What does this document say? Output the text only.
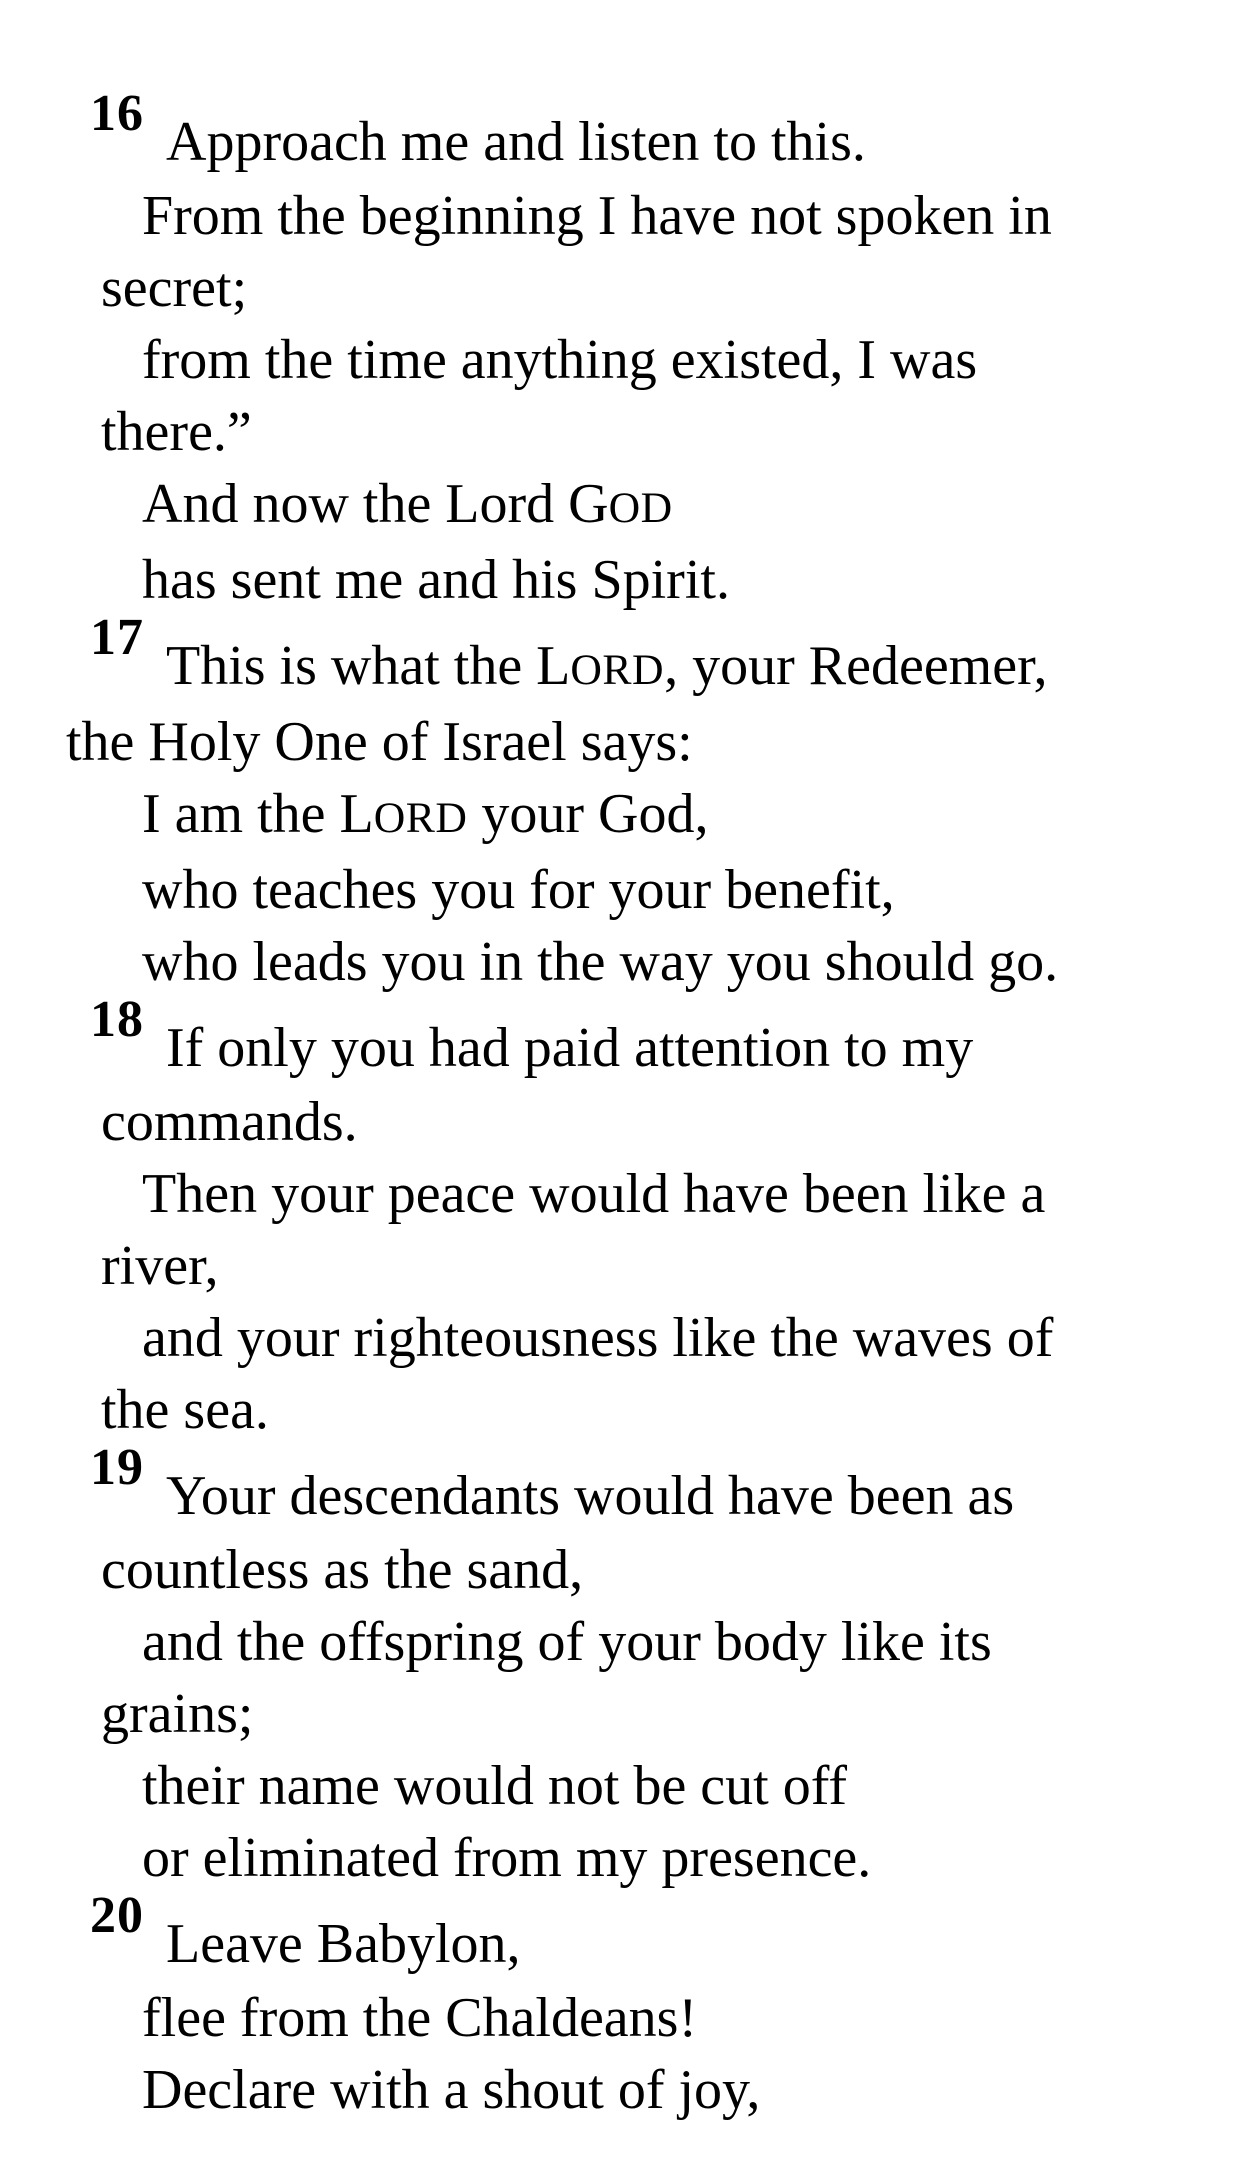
16 Approach me and listen to this.
From the beginning I have not spoken in
secret;
from the time anything existed, I was
there.”
And now the Lord GOD
has sent me and his Spirit.
17 This is what the LORD, your Redeemer,
the Holy One of Israel says:
I am the LORD your God,
who teaches you for your benefit,
who leads you in the way you should go.
18 If only you had paid attention to my
commands.
Then your peace would have been like a
river,
and your righteousness like the waves of
the sea.
19 Your descendants would have been as
countless as the sand,
and the offspring of your body like its
grains;
their name would not be cut off
or eliminated from my presence.
20 Leave Babylon,
flee from the Chaldeans!
Declare with a shout of joy,
